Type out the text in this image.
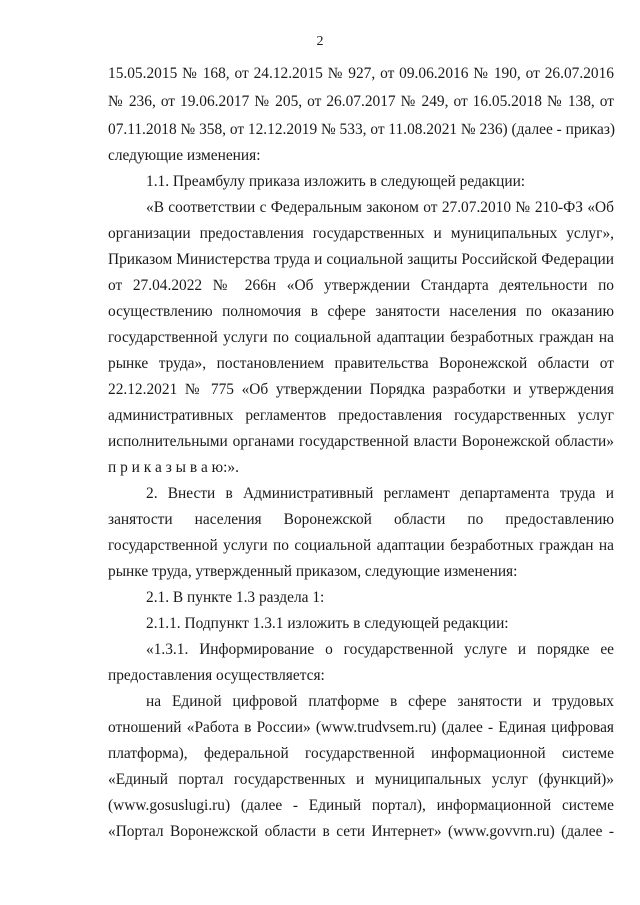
2
15.05.2015 № 168, от 24.12.2015 № 927, от 09.06.2016 № 190, от 26.07.2016
№ 236, от 19.06.2017 № 205, от 26.07.2017 № 249, от 16.05.2018 № 138, от
07.11.2018 № 358, от 12.12.2019 № 533, от 11.08.2021 № 236) (далее - приказ)
следующие изменения:
1.1. Преамбулу приказа изложить в следующей редакции:
«В соответствии с Федеральным законом от 27.07.2010 № 210-ФЗ «Об
организации предоставления государственных и муниципальных услуг»,
Приказом Министерства труда и социальной защиты Российской Федерации
от 27.04.2022 № 266н «Об утверждении Стандарта деятельности по
осуществлению полномочия в сфере занятости населения по оказанию
государственной услуги по социальной адаптации безработных граждан на
рынке труда», постановлением правительства Воронежской области от
22.12.2021 № 775 «Об утверждении Порядка разработки и утверждения
административных регламентов предоставления государственных услуг
исполнительными органами государственной власти Воронежской области»
п р и к а з ы в а ю:».
2. Внести в Административный регламент департамента труда и
занятости населения Воронежской области по предоставлению
государственной услуги по социальной адаптации безработных граждан на
рынке труда, утвержденный приказом, следующие изменения:
2.1. В пункте 1.3 раздела 1:
2.1.1. Подпункт 1.3.1 изложить в следующей редакции:
«1.3.1. Информирование о государственной услуге и порядке ее
предоставления осуществляется:
на Единой цифровой платформе в сфере занятости и трудовых
отношений «Работа в России» (www.trudvsem.ru) (далее - Единая цифровая
платформа), федеральной государственной информационной системе
«Единый портал государственных и муниципальных услуг (функций)»
(www.gosuslugi.ru) (далее - Единый портал), информационной системе
«Портал Воронежской области в сети Интернет» (www.govvrn.ru) (далее -
